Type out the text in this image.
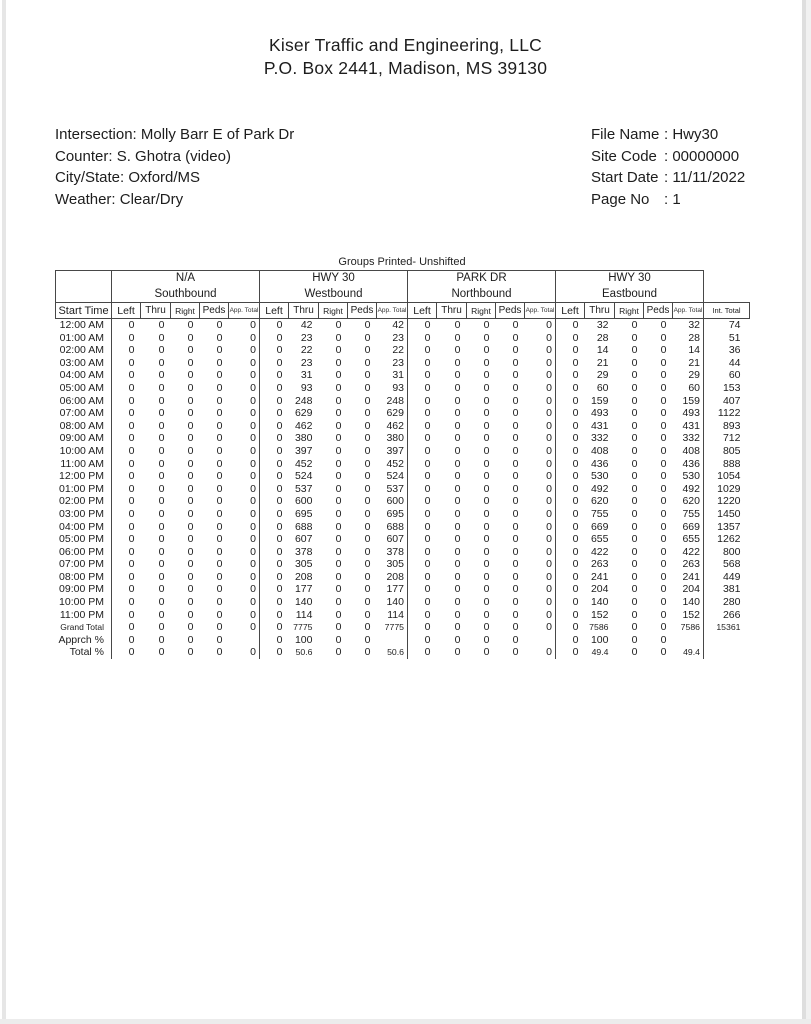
Kiser Traffic and Engineering, LLC
P.O. Box 2441, Madison, MS 39130
Intersection: Molly Barr E of Park Dr
Counter: S. Ghotra (video)
City/State: Oxford/MS
Weather: Clear/Dry
File Name : Hwy30
Site Code : 00000000
Start Date : 11/11/2022
Page No : 1
Groups Printed- Unshifted

N/A
Southbound

HWY 30
Westbound

PARK DR
Northbound

HWY 30
Eastbound

Start Time	Left	Thru	Right	Peds	App. Total	Left	Thru	Right	Peds	App. Total	Left	Thru	Right	Peds	App. Total	Left	Thru	Right	Peds	App. Total	Int. Total
12:00 AM	0	0	0	0	0	0	42	0	0	42	0	0	0	0	0	0	32	0	0	32	74
01:00 AM	0	0	0	0	0	0	23	0	0	23	0	0	0	0	0	0	28	0	0	28	51
02:00 AM	0	0	0	0	0	0	22	0	0	22	0	0	0	0	0	0	14	0	0	14	36
03:00 AM	0	0	0	0	0	0	23	0	0	23	0	0	0	0	0	0	21	0	0	21	44
04:00 AM	0	0	0	0	0	0	31	0	0	31	0	0	0	0	0	0	29	0	0	29	60
05:00 AM	0	0	0	0	0	0	93	0	0	93	0	0	0	0	0	0	60	0	0	60	153
06:00 AM	0	0	0	0	0	0	248	0	0	248	0	0	0	0	0	0	159	0	0	159	407
07:00 AM	0	0	0	0	0	0	629	0	0	629	0	0	0	0	0	0	493	0	0	493	1122
08:00 AM	0	0	0	0	0	0	462	0	0	462	0	0	0	0	0	0	431	0	0	431	893
09:00 AM	0	0	0	0	0	0	380	0	0	380	0	0	0	0	0	0	332	0	0	332	712
10:00 AM	0	0	0	0	0	0	397	0	0	397	0	0	0	0	0	0	408	0	0	408	805
11:00 AM	0	0	0	0	0	0	452	0	0	452	0	0	0	0	0	0	436	0	0	436	888
12:00 PM	0	0	0	0	0	0	524	0	0	524	0	0	0	0	0	0	530	0	0	530	1054
01:00 PM	0	0	0	0	0	0	537	0	0	537	0	0	0	0	0	0	492	0	0	492	1029
02:00 PM	0	0	0	0	0	0	600	0	0	600	0	0	0	0	0	0	620	0	0	620	1220
03:00 PM	0	0	0	0	0	0	695	0	0	695	0	0	0	0	0	0	755	0	0	755	1450
04:00 PM	0	0	0	0	0	0	688	0	0	688	0	0	0	0	0	0	669	0	0	669	1357
05:00 PM	0	0	0	0	0	0	607	0	0	607	0	0	0	0	0	0	655	0	0	655	1262
06:00 PM	0	0	0	0	0	0	378	0	0	378	0	0	0	0	0	0	422	0	0	422	800
07:00 PM	0	0	0	0	0	0	305	0	0	305	0	0	0	0	0	0	263	0	0	263	568
08:00 PM	0	0	0	0	0	0	208	0	0	208	0	0	0	0	0	0	241	0	0	241	449
09:00 PM	0	0	0	0	0	0	177	0	0	177	0	0	0	0	0	0	204	0	0	204	381
10:00 PM	0	0	0	0	0	0	140	0	0	140	0	0	0	0	0	0	140	0	0	140	280
11:00 PM	0	0	0	0	0	0	114	0	0	114	0	0	0	0	0	0	152	0	0	152	266
Grand Total	0	0	0	0	0	0	7775	0	0	7775	0	0	0	0	0	0	7586	0	0	7586	15361
Apprch %	0	0	0	0		0	100	0	0		0	0	0	0		0	100	0	0		
Total %	0	0	0	0	0	0	50.6	0	0	50.6	0	0	0	0	0	0	49.4	0	0	49.4	
